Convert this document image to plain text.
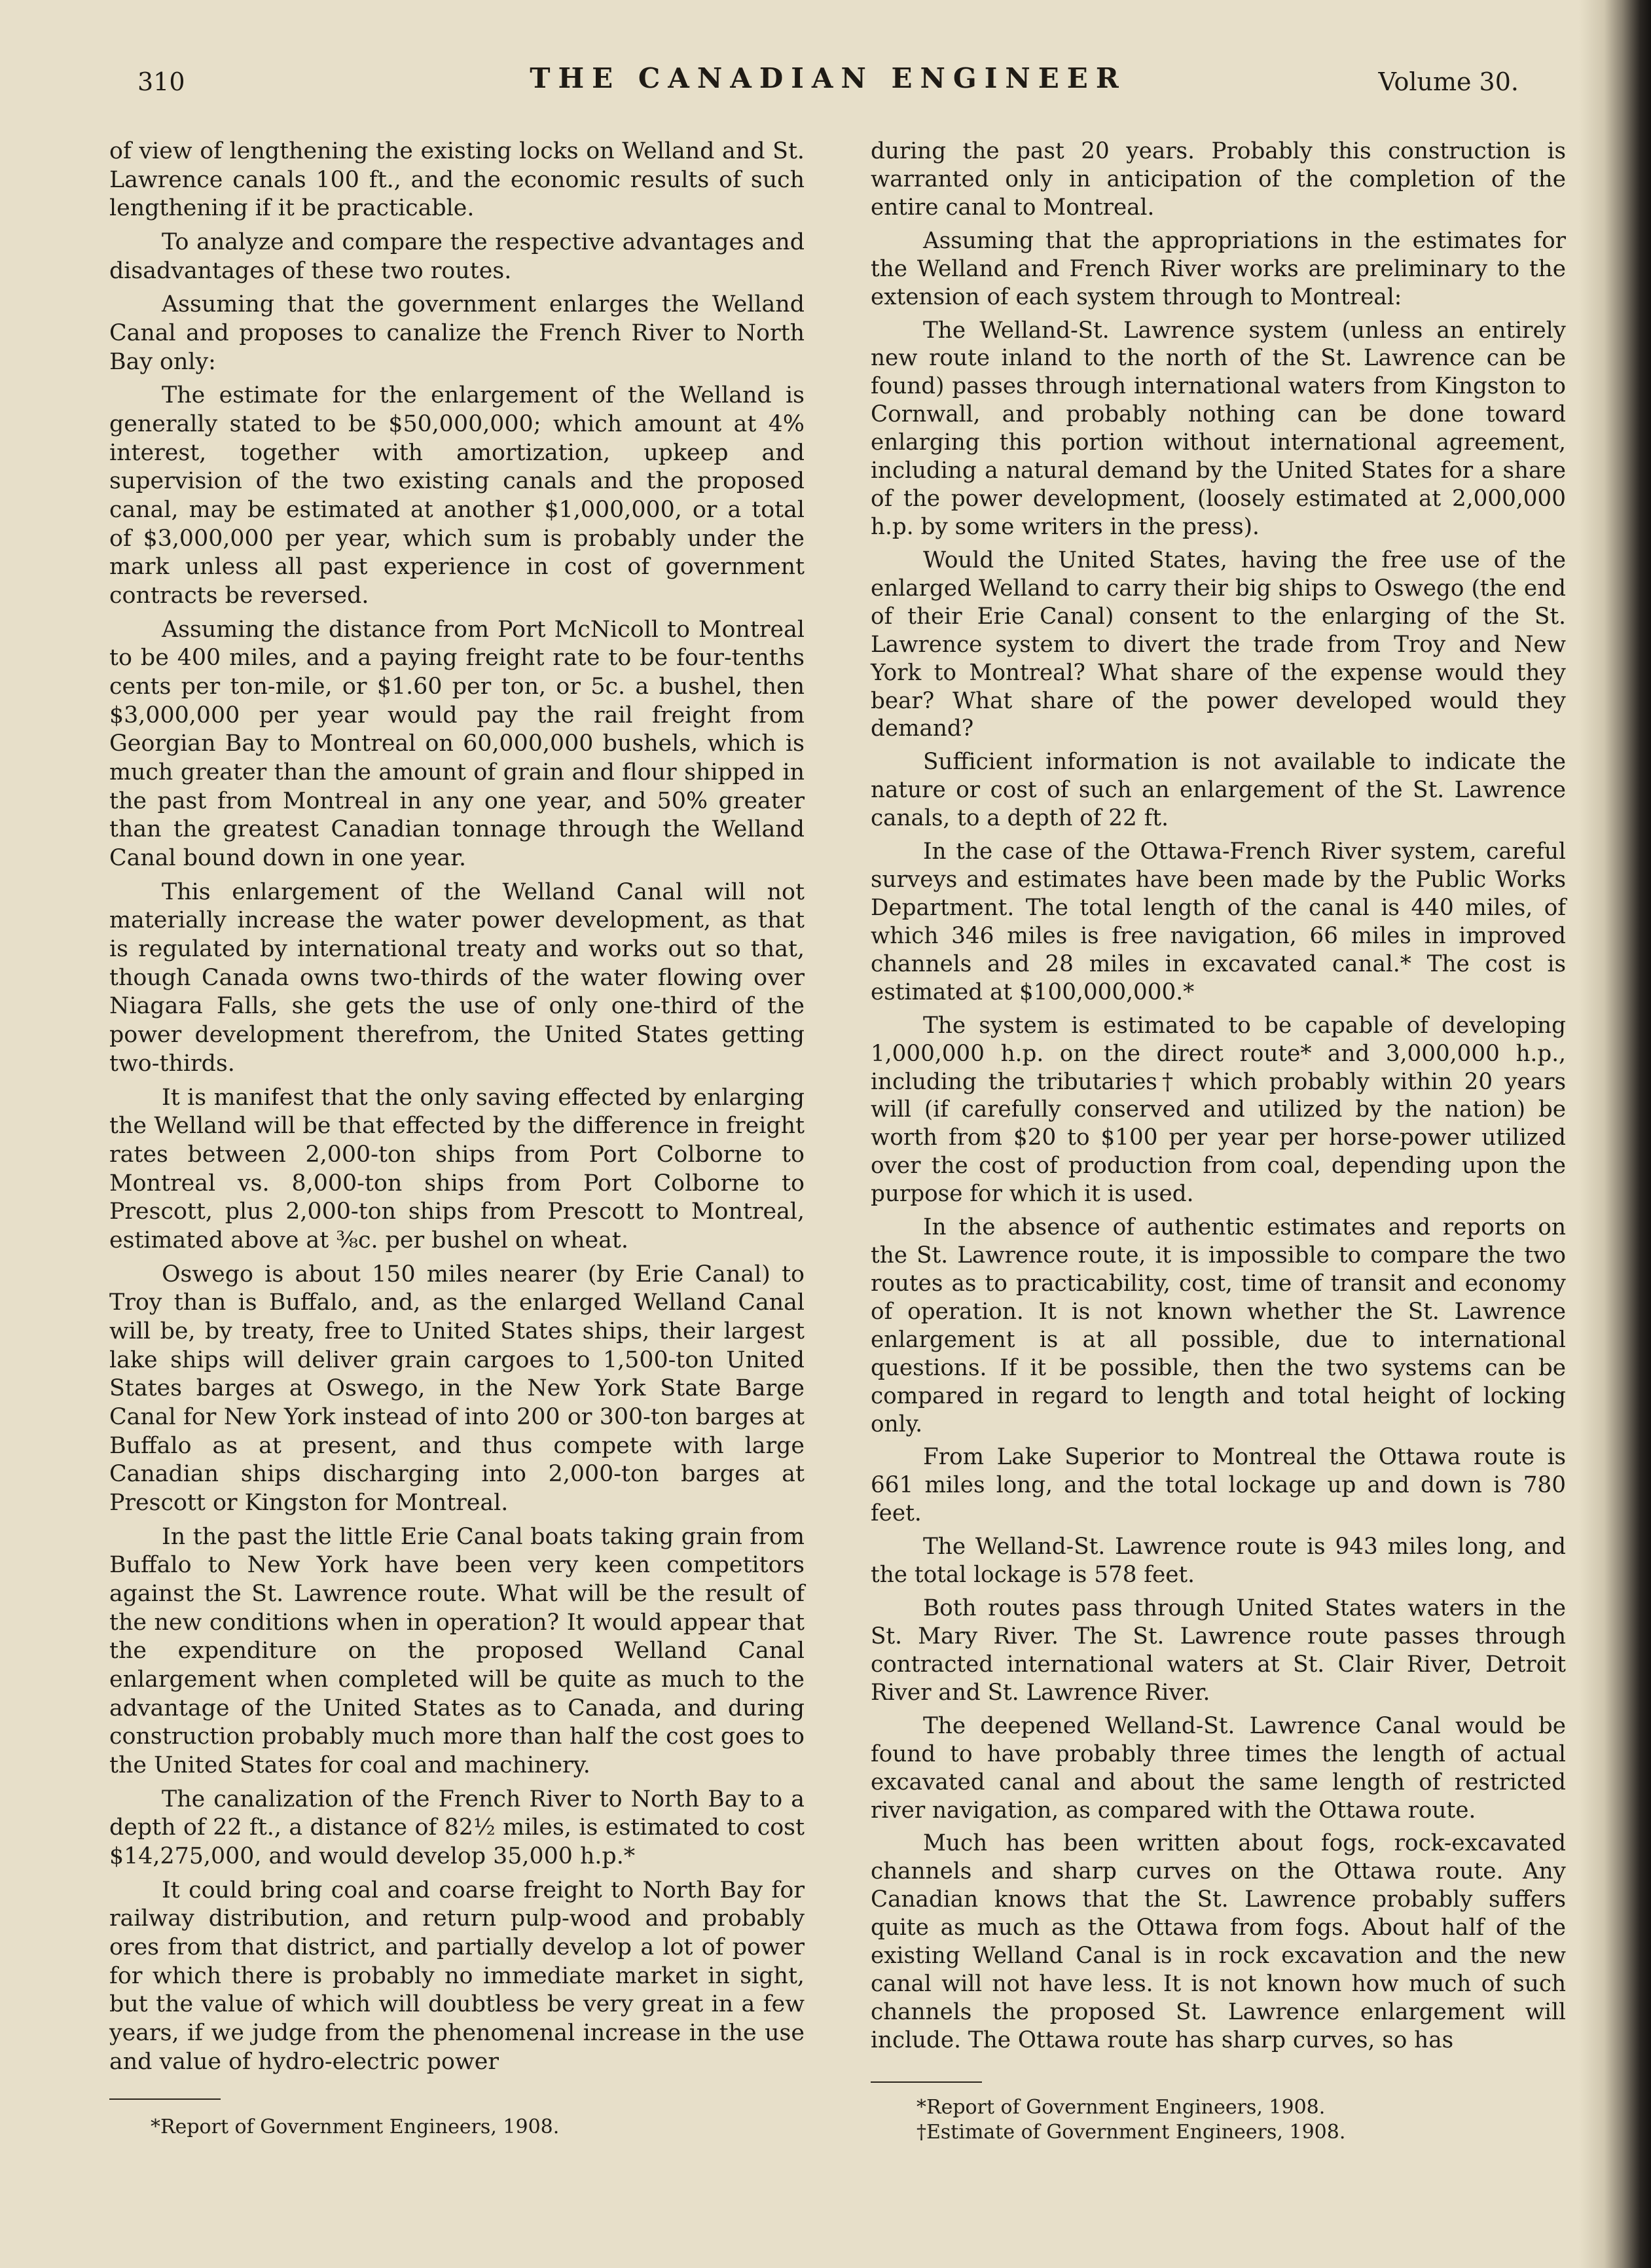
310	THE CANADIAN ENGINEER	Volume 30.

of view of lengthening the existing locks on Welland and St. Lawrence canals 100 ft., and the economic results of such lengthening if it be practicable.

To analyze and compare the respective advantages and disadvantages of these two routes.

Assuming that the government enlarges the Welland Canal and proposes to canalize the French River to North Bay only:

The estimate for the enlargement of the Welland is generally stated to be $50,000,000; which amount at 4% interest, together with amortization, upkeep and supervision of the two existing canals and the proposed canal, may be estimated at another $1,000,000, or a total of $3,000,000 per year, which sum is probably under the mark unless all past experience in cost of government contracts be reversed.

Assuming the distance from Port McNicoll to Montreal to be 400 miles, and a paying freight rate to be four-tenths cents per ton-mile, or $1.60 per ton, or 5c. a bushel, then $3,000,000 per year would pay the rail freight from Georgian Bay to Montreal on 60,000,000 bushels, which is much greater than the amount of grain and flour shipped in the past from Montreal in any one year, and 50% greater than the greatest Canadian tonnage through the Welland Canal bound down in one year.

This enlargement of the Welland Canal will not materially increase the water power development, as that is regulated by international treaty and works out so that, though Canada owns two-thirds of the water flowing over Niagara Falls, she gets the use of only one-third of the power development therefrom, the United States getting two-thirds.

It is manifest that the only saving effected by enlarging the Welland will be that effected by the difference in freight rates between 2,000-ton ships from Port Colborne to Montreal vs. 8,000-ton ships from Port Colborne to Prescott, plus 2,000-ton ships from Prescott to Montreal, estimated above at ⅜c. per bushel on wheat.

Oswego is about 150 miles nearer (by Erie Canal) to Troy than is Buffalo, and, as the enlarged Welland Canal will be, by treaty, free to United States ships, their largest lake ships will deliver grain cargoes to 1,500-ton United States barges at Oswego, in the New York State Barge Canal for New York instead of into 200 or 300-ton barges at Buffalo as at present, and thus compete with large Canadian ships discharging into 2,000-ton barges at Prescott or Kingston for Montreal.

In the past the little Erie Canal boats taking grain from Buffalo to New York have been very keen competitors against the St. Lawrence route. What will be the result of the new conditions when in operation? It would appear that the expenditure on the proposed Welland Canal enlargement when completed will be quite as much to the advantage of the United States as to Canada, and during construction probably much more than half the cost goes to the United States for coal and machinery.

The canalization of the French River to North Bay to a depth of 22 ft., a distance of 82½ miles, is estimated to cost $14,275,000, and would develop 35,000 h.p.*

It could bring coal and coarse freight to North Bay for railway distribution, and return pulp-wood and probably ores from that district, and partially develop a lot of power for which there is probably no immediate market in sight, but the value of which will doubtless be very great in a few years, if we judge from the phenomenal increase in the use and value of hydro-electric power

*Report of Government Engineers, 1908.

during the past 20 years. Probably this construction is warranted only in anticipation of the completion of the entire canal to Montreal.

Assuming that the appropriations in the estimates for the Welland and French River works are preliminary to the extension of each system through to Montreal:

The Welland-St. Lawrence system (unless an entirely new route inland to the north of the St. Lawrence can be found) passes through international waters from Kingston to Cornwall, and probably nothing can be done toward enlarging this portion without international agreement, including a natural demand by the United States for a share of the power development, (loosely estimated at 2,000,000 h.p. by some writers in the press).

Would the United States, having the free use of the enlarged Welland to carry their big ships to Oswego (the end of their Erie Canal) consent to the enlarging of the St. Lawrence system to divert the trade from Troy and New York to Montreal? What share of the expense would they bear? What share of the power developed would they demand?

Sufficient information is not available to indicate the nature or cost of such an enlargement of the St. Lawrence canals, to a depth of 22 ft.

In the case of the Ottawa-French River system, careful surveys and estimates have been made by the Public Works Department. The total length of the canal is 440 miles, of which 346 miles is free navigation, 66 miles in improved channels and 28 miles in excavated canal.* The cost is estimated at $100,000,000.*

The system is estimated to be capable of developing 1,000,000 h.p. on the direct route* and 3,000,000 h.p., including the tributaries† which probably within 20 years will (if carefully conserved and utilized by the nation) be worth from $20 to $100 per year per horse-power utilized over the cost of production from coal, depending upon the purpose for which it is used.

In the absence of authentic estimates and reports on the St. Lawrence route, it is impossible to compare the two routes as to practicability, cost, time of transit and economy of operation. It is not known whether the St. Lawrence enlargement is at all possible, due to international questions. If it be possible, then the two systems can be compared in regard to length and total height of locking only.

From Lake Superior to Montreal the Ottawa route is 661 miles long, and the total lockage up and down is 780 feet.

The Welland-St. Lawrence route is 943 miles long, and the total lockage is 578 feet.

Both routes pass through United States waters in the St. Mary River. The St. Lawrence route passes through contracted international waters at St. Clair River, Detroit River and St. Lawrence River.

The deepened Welland-St. Lawrence Canal would be found to have probably three times the length of actual excavated canal and about the same length of restricted river navigation, as compared with the Ottawa route.

Much has been written about fogs, rock-excavated channels and sharp curves on the Ottawa route. Any Canadian knows that the St. Lawrence probably suffers quite as much as the Ottawa from fogs. About half of the existing Welland Canal is in rock excavation and the new canal will not have less. It is not known how much of such channels the proposed St. Lawrence enlargement will include. The Ottawa route has sharp curves, so has

*Report of Government Engineers, 1908.
†Estimate of Government Engineers, 1908.
